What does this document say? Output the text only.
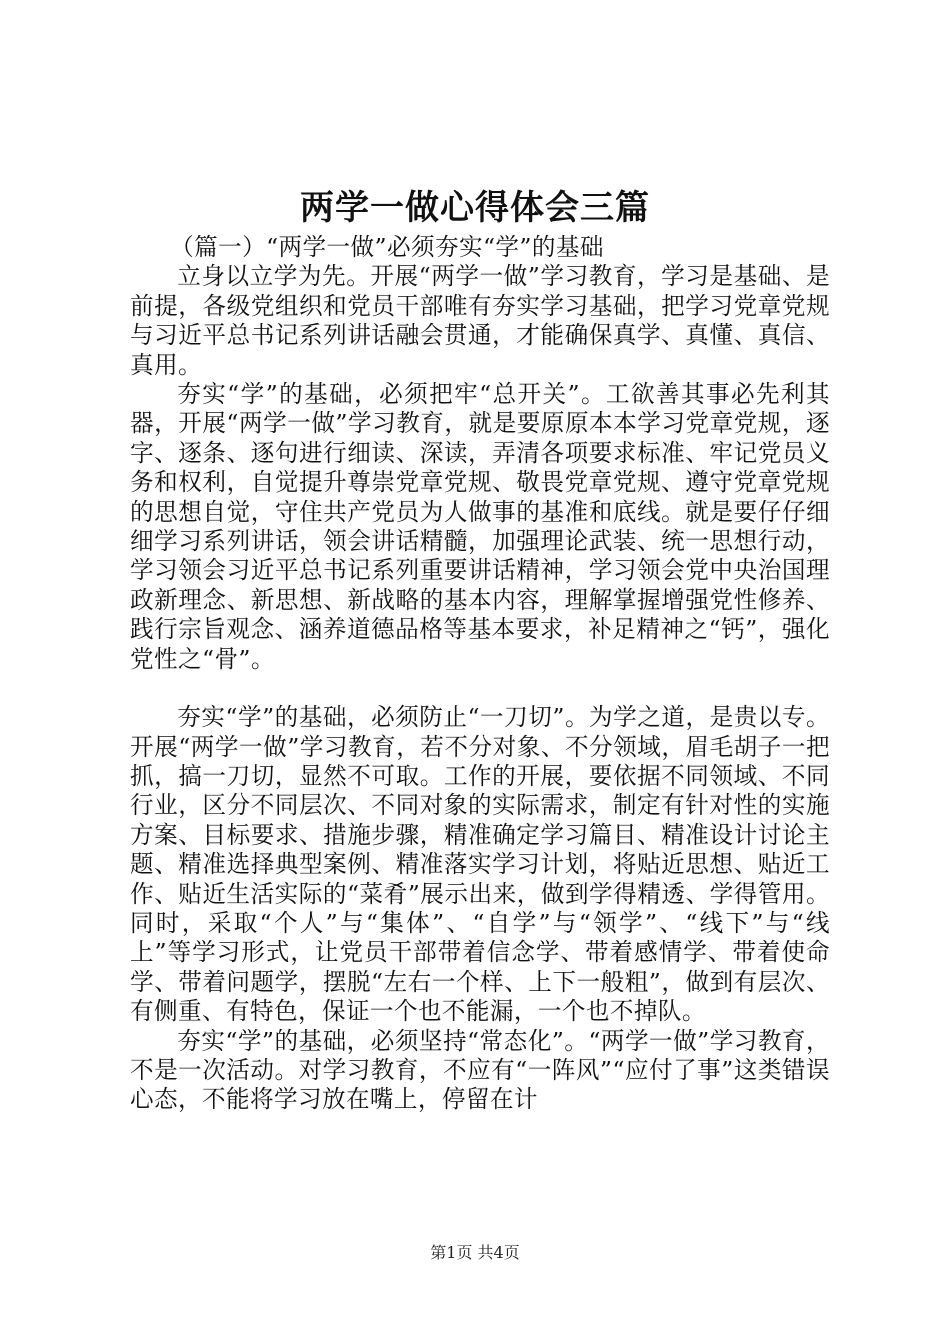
两学一做心得体会三篇

（篇一）“两学一做”必须夯实“学”的基础

立身以立学为先。开展“两学一做”学习教育，学习是基础、是前提，各级党组织和党员干部唯有夯实学习基础，把学习党章党规与习近平总书记系列讲话融会贯通，才能确保真学、真懂、真信、真用。

夯实“学”的基础，必须把牢“总开关”。工欲善其事必先利其器，开展“两学一做”学习教育，就是要原原本本学习党章党规，逐字、逐条、逐句进行细读、深读，弄清各项要求标准、牢记党员义务和权利，自觉提升尊崇党章党规、敬畏党章党规、遵守党章党规的思想自觉，守住共产党员为人做事的基准和底线。就是要仔仔细细学习系列讲话，领会讲话精髓，加强理论武装、统一思想行动，学习领会习近平总书记系列重要讲话精神，学习领会党中央治国理政新理念、新思想、新战略的基本内容，理解掌握增强党性修养、践行宗旨观念、涵养道德品格等基本要求，补足精神之“钙”，强化党性之“骨”。

夯实“学”的基础，必须防止“一刀切”。为学之道，是贵以专。开展“两学一做”学习教育，若不分对象、不分领域，眉毛胡子一把抓，搞一刀切，显然不可取。工作的开展，要依据不同领域、不同行业，区分不同层次、不同对象的实际需求，制定有针对性的实施方案、目标要求、措施步骤，精准确定学习篇目、精准设计讨论主题、精准选择典型案例、精准落实学习计划，将贴近思想、贴近工作、贴近生活实际的“菜肴”展示出来，做到学得精透、学得管用。同时，采取“个人”与“集体”、“自学”与“领学”、“线下”与“线上”等学习形式，让党员干部带着信念学、带着感情学、带着使命学、带着问题学，摆脱“左右一个样、上下一般粗”，做到有层次、有侧重、有特色，保证一个也不能漏，一个也不掉队。

夯实“学”的基础，必须坚持“常态化”。“两学一做”学习教育，不是一次活动。对学习教育，不应有“一阵风”“应付了事”这类错误心态，不能将学习放在嘴上，停留在计

第1页 共4页
